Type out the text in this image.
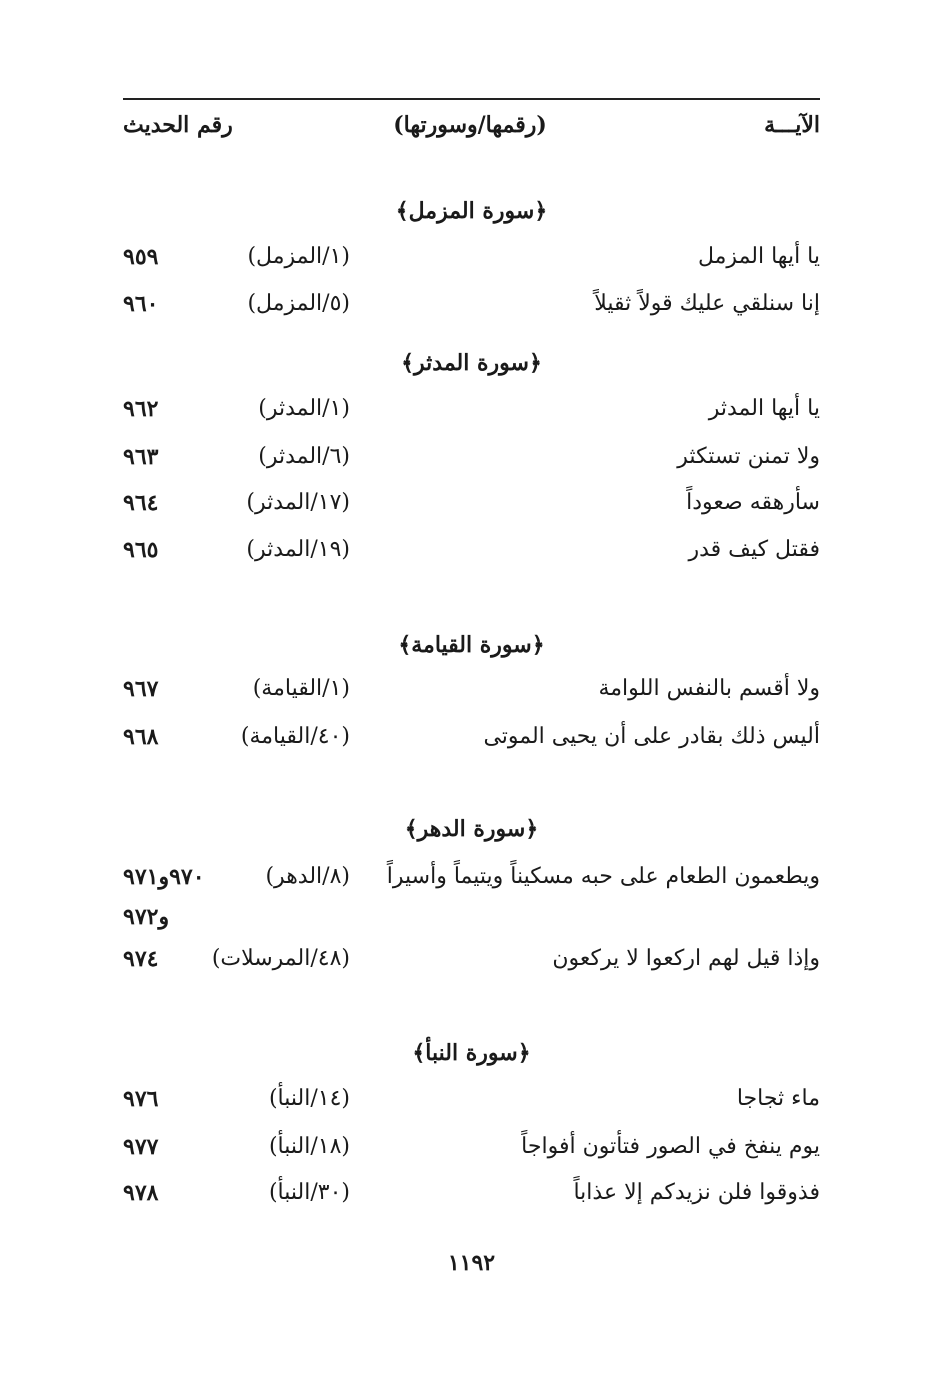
الآيـــة
(رقمها/وسورتها)
رقم الحديث
﴿سورة المزمل﴾
يا أيها المزمل
(١/المزمل)
٩٥٩
إنا سنلقي عليك قولاً ثقيلاً
(٥/المزمل)
٩٦٠
﴿سورة المدثر﴾
يا أيها المدثر
(١/المدثر)
٩٦٢
ولا تمنن تستكثر
(٦/المدثر)
٩٦٣
سأرهقه صعوداً
(١٧/المدثر)
٩٦٤
فقتل كيف قدر
(١٩/المدثر)
٩٦٥
﴿سورة القيامة﴾
ولا أقسم بالنفس اللوامة
(١/القيامة)
٩٦٧
أليس ذلك بقادر على أن يحيى الموتى
(٤٠/القيامة)
٩٦٨
﴿سورة الدهر﴾
ويطعمون الطعام على حبه مسكيناً ويتيماً وأسيراً
(٨/الدهر)
٩٧٠و٩٧١
و٩٧٢
وإذا قيل لهم اركعوا لا يركعون
(٤٨/المرسلات)
٩٧٤
﴿سورة النبأ﴾
ماء ثجاجا
(١٤/النبأ)
٩٧٦
يوم ينفخ في الصور فتأتون أفواجاً
(١٨/النبأ)
٩٧٧
فذوقوا فلن نزيدكم إلا عذاباً
(٣٠/النبأ)
٩٧٨
١١٩٢
